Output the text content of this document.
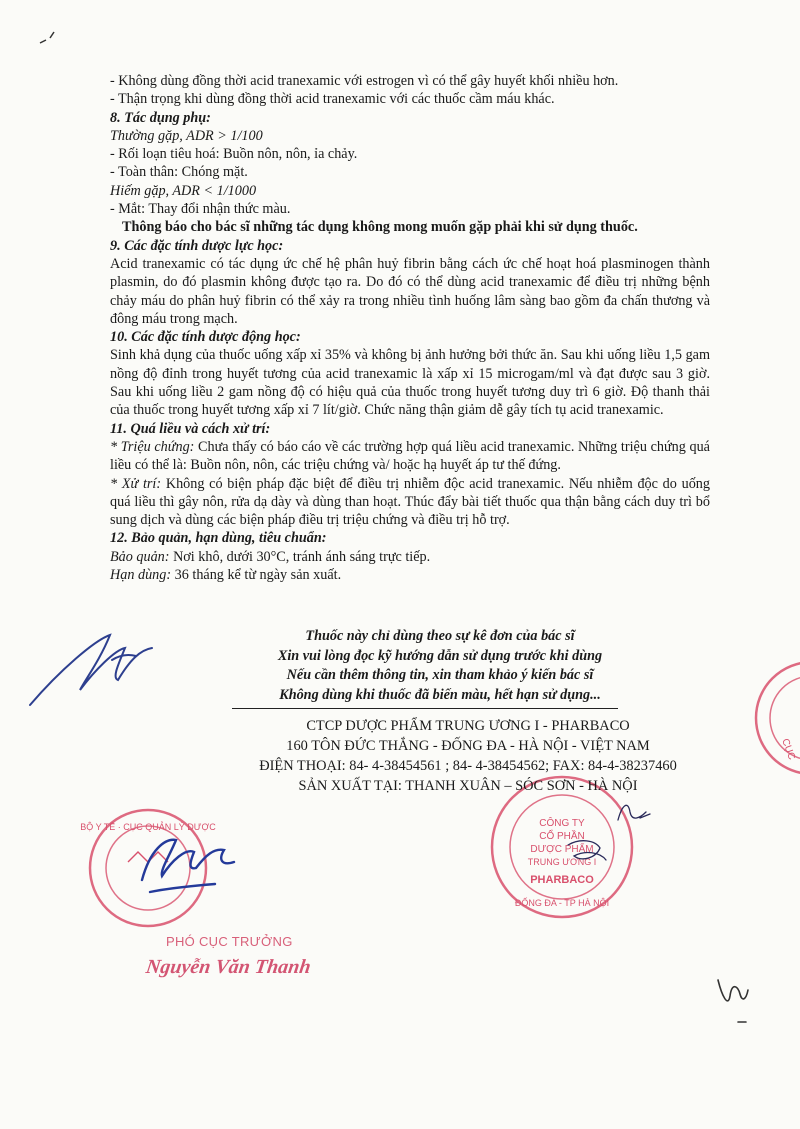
BỘ Y TẾ · CỤC QUẢN LÝ DƯỢC	CÔNG TY
CỔ PHẦN
DƯỢC PHẨM
TRUNG ƯƠNG I
PHARBACO
ĐỐNG ĐA - TP HÀ NỘI
CỤC

- Không dùng đồng thời acid tranexamic với estrogen vì có thể gây huyết khối nhiều hơn.

- Thận trọng khi dùng đồng thời acid tranexamic với các thuốc cầm máu khác.

8. Tác dụng phụ:

Thường gặp, ADR > 1/100

- Rối loạn tiêu hoá: Buồn nôn, nôn, ỉa chảy.

- Toàn thân: Chóng mặt.

Hiếm gặp, ADR < 1/1000

- Mắt: Thay đổi nhận thức màu.

Thông báo cho bác sĩ những tác dụng không mong muốn gặp phải khi sử dụng thuốc.

9. Các đặc tính dược lực học:

Acid tranexamic có tác dụng ức chế hệ phân huỷ fibrin bằng cách ức chế hoạt hoá plasminogen thành plasmin, do đó plasmin không được tạo ra. Do đó có thể dùng acid tranexamic để điều trị những bệnh chảy máu do phân huỷ fibrin có thể xảy ra trong nhiều tình huống lâm sàng bao gồm đa chấn thương và đông máu trong mạch.

10. Các đặc tính dược động học:

Sinh khả dụng của thuốc uống xấp xỉ 35% và không bị ảnh hưởng bởi thức ăn. Sau khi uống liều 1,5 gam nồng độ đỉnh trong huyết tương của acid tranexamic là xấp xỉ 15 microgam/ml và đạt được sau 3 giờ. Sau khi uống liều 2 gam nồng độ có hiệu quả của thuốc trong huyết tương duy trì 6 giờ. Độ thanh thải của thuốc trong huyết tương xấp xỉ 7 lít/giờ. Chức năng thận giảm dễ gây tích tụ acid tranexamic.

11. Quá liều và cách xử trí:

* Triệu chứng: Chưa thấy có báo cáo về các trường hợp quá liều acid tranexamic. Những triệu chứng quá liều có thể là: Buồn nôn, nôn, các triệu chứng và/ hoặc hạ huyết áp tư thế đứng.

* Xử trí: Không có biện pháp đặc biệt để điều trị nhiễm độc acid tranexamic. Nếu nhiễm độc do uống quá liều thì gây nôn, rửa dạ dày và dùng than hoạt. Thúc đẩy bài tiết thuốc qua thận bằng cách duy trì bổ sung dịch và dùng các biện pháp điều trị triệu chứng và điều trị hỗ trợ.

12. Bảo quản, hạn dùng, tiêu chuẩn:

Bảo quản: Nơi khô, dưới 30°C, tránh ánh sáng trực tiếp.

Hạn dùng: 36 tháng kể từ ngày sản xuất.

Thuốc này chỉ dùng theo sự kê đơn của bác sĩ
Xin vui lòng đọc kỹ hướng dẫn sử dụng trước khi dùng
Nếu cần thêm thông tin, xin tham khảo ý kiến bác sĩ
Không dùng khi thuốc đã biến màu, hết hạn sử dụng...
CTCP DƯỢC PHẨM TRUNG ƯƠNG I - PHARBACO
160 TÔN ĐỨC THẮNG - ĐỐNG ĐA - HÀ NỘI - VIỆT NAM
ĐIỆN THOẠI: 84- 4-38454561 ; 84- 4-38454562; FAX: 84-4-38237460
SẢN XUẤT TẠI: THANH XUÂN – SÓC SƠN - HÀ NỘI
PHÓ CỤC TRƯỞNG
Nguyễn Văn Thanh
